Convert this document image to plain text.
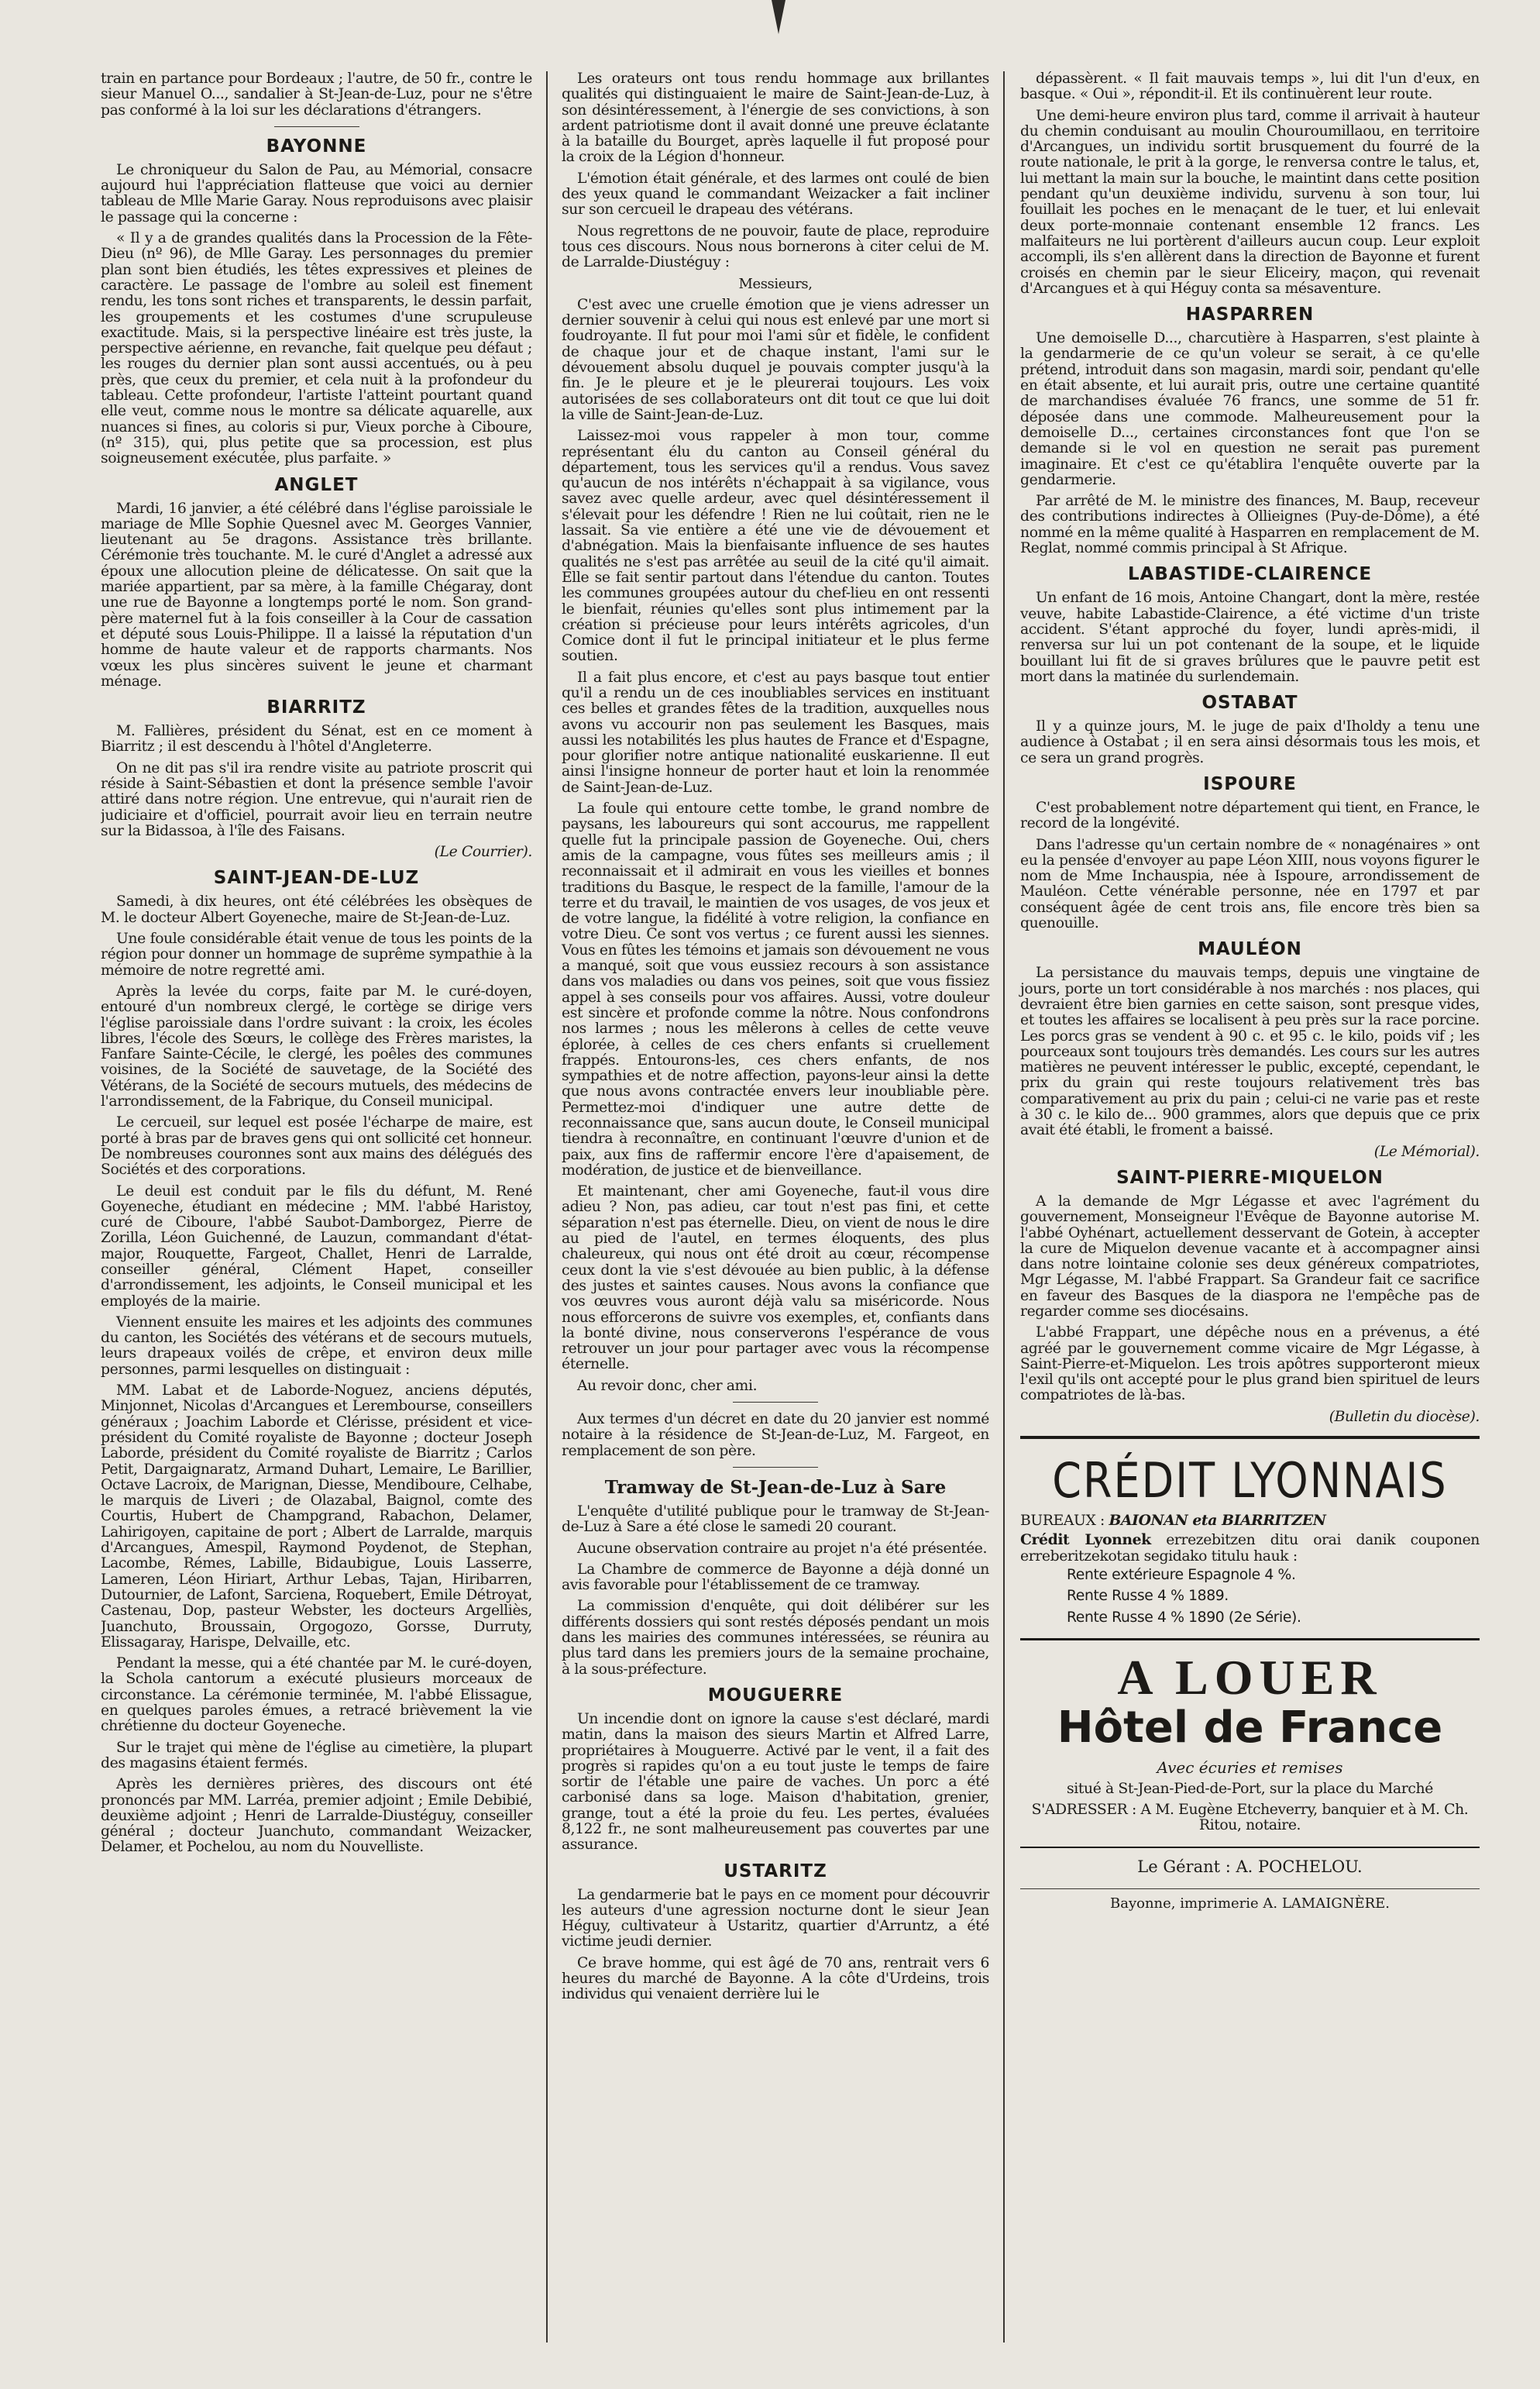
train en partance pour Bordeaux ; l'autre, de 50 fr., contre le sieur Manuel O..., sandalier à St-Jean-de-Luz, pour ne s'être pas conformé à la loi sur les déclarations d'étrangers.

BAYONNE

Le chroniqueur du Salon de Pau, au Mémorial, consacre aujourd hui l'appréciation flatteuse que voici au dernier tableau de Mlle Marie Garay. Nous reproduisons avec plaisir le passage qui la concerne :

« Il y a de grandes qualités dans la Procession de la Fête-Dieu (nº 96), de Mlle Garay. Les personnages du premier plan sont bien étudiés, les têtes expressives et pleines de caractère. Le passage de l'ombre au soleil est finement rendu, les tons sont riches et transparents, le dessin parfait, les groupements et les costumes d'une scrupuleuse exactitude. Mais, si la perspective linéaire est très juste, la perspective aérienne, en revanche, fait quelque peu défaut ; les rouges du dernier plan sont aussi accentués, ou à peu près, que ceux du premier, et cela nuit à la profondeur du tableau. Cette profondeur, l'artiste l'atteint pourtant quand elle veut, comme nous le montre sa délicate aquarelle, aux nuances si fines, au coloris si pur, Vieux porche à Ciboure, (nº 315), qui, plus petite que sa procession, est plus soigneusement exécutée, plus parfaite. »

ANGLET

Mardi, 16 janvier, a été célébré dans l'église paroissiale le mariage de Mlle Sophie Quesnel avec M. Georges Vannier, lieutenant au 5e dragons. Assistance très brillante. Cérémonie très touchante. M. le curé d'Anglet a adressé aux époux une allocution pleine de délicatesse. On sait que la mariée appartient, par sa mère, à la famille Chégaray, dont une rue de Bayonne a longtemps porté le nom. Son grand-père maternel fut à la fois conseiller à la Cour de cassation et député sous Louis-Philippe. Il a laissé la réputation d'un homme de haute valeur et de rapports charmants. Nos vœux les plus sincères suivent le jeune et charmant ménage.

BIARRITZ

M. Fallières, président du Sénat, est en ce moment à Biarritz ; il est descendu à l'hôtel d'Angleterre.

On ne dit pas s'il ira rendre visite au patriote proscrit qui réside à Saint-Sébastien et dont la présence semble l'avoir attiré dans notre région. Une entrevue, qui n'aurait rien de judiciaire et d'officiel, pourrait avoir lieu en terrain neutre sur la Bidassoa, à l'île des Faisans.

(Le Courrier).

SAINT-JEAN-DE-LUZ

Samedi, à dix heures, ont été célébrées les obsèques de M. le docteur Albert Goyeneche, maire de St-Jean-de-Luz.

Une foule considérable était venue de tous les points de la région pour donner un hommage de suprême sympathie à la mémoire de notre regretté ami.

Après la levée du corps, faite par M. le curé-doyen, entouré d'un nombreux clergé, le cortège se dirige vers l'église paroissiale dans l'ordre suivant : la croix, les écoles libres, l'école des Sœurs, le collège des Frères maristes, la Fanfare Sainte-Cécile, le clergé, les poêles des communes voisines, de la Société de sauvetage, de la Société des Vétérans, de la Société de secours mutuels, des médecins de l'arrondissement, de la Fabrique, du Conseil municipal.

Le cercueil, sur lequel est posée l'écharpe de maire, est porté à bras par de braves gens qui ont sollicité cet honneur. De nombreuses couronnes sont aux mains des délégués des Sociétés et des corporations.

Le deuil est conduit par le fils du défunt, M. René Goyeneche, étudiant en médecine ; MM. l'abbé Haristoy, curé de Ciboure, l'abbé Saubot-Damborgez, Pierre de Zorilla, Léon Guichenné, de Lauzun, commandant d'état-major, Rouquette, Fargeot, Challet, Henri de Larralde, conseiller général, Clément Hapet, conseiller d'arrondissement, les adjoints, le Conseil municipal et les employés de la mairie.

Viennent ensuite les maires et les adjoints des communes du canton, les Sociétés des vétérans et de secours mutuels, leurs drapeaux voilés de crêpe, et environ deux mille personnes, parmi lesquelles on distinguait :

MM. Labat et de Laborde-Noguez, anciens députés, Minjonnet, Nicolas d'Arcangues et Lerembourse, conseillers généraux ; Joachim Laborde et Clérisse, président et vice-président du Comité royaliste de Bayonne ; docteur Joseph Laborde, président du Comité royaliste de Biarritz ; Carlos Petit, Dargaignaratz, Armand Duhart, Lemaire, Le Barillier, Octave Lacroix, de Marignan, Diesse, Mendiboure, Celhabe, le marquis de Liveri ; de Olazabal, Baignol, comte des Courtis, Hubert de Champgrand, Rabachon, Delamer, Lahirigoyen, capitaine de port ; Albert de Larralde, marquis d'Arcangues, Amespil, Raymond Poydenot, de Stephan, Lacombe, Rémes, Labille, Bidaubigue, Louis Lasserre, Lameren, Léon Hiriart, Arthur Lebas, Tajan, Hiribarren, Dutournier, de Lafont, Sarciena, Roquebert, Emile Détroyat, Castenau, Dop, pasteur Webster, les docteurs Argelliès, Juanchuto, Broussain, Orgogozo, Gorsse, Durruty, Elissagaray, Harispe, Delvaille, etc.

Pendant la messe, qui a été chantée par M. le curé-doyen, la Schola cantorum a exécuté plusieurs morceaux de circonstance. La cérémonie terminée, M. l'abbé Elissague, en quelques paroles émues, a retracé brièvement la vie chrétienne du docteur Goyeneche.

Sur le trajet qui mène de l'église au cimetière, la plupart des magasins étaient fermés.

Après les dernières prières, des discours ont été prononcés par MM. Larréa, premier adjoint ; Emile Debibié, deuxième adjoint ; Henri de Larralde-Diustéguy, conseiller général ; docteur Juanchuto, commandant Weizacker, Delamer, et Pochelou, au nom du Nouvelliste.

Les orateurs ont tous rendu hommage aux brillantes qualités qui distinguaient le maire de Saint-Jean-de-Luz, à son désintéressement, à l'énergie de ses convictions, à son ardent patriotisme dont il avait donné une preuve éclatante à la bataille du Bourget, après laquelle il fut proposé pour la croix de la Légion d'honneur.

L'émotion était générale, et des larmes ont coulé de bien des yeux quand le commandant Weizacker a fait incliner sur son cercueil le drapeau des vétérans.

Nous regrettons de ne pouvoir, faute de place, reproduire tous ces discours. Nous nous bornerons à citer celui de M. de Larralde-Diustéguy :

Messieurs,

C'est avec une cruelle émotion que je viens adresser un dernier souvenir à celui qui nous est enlevé par une mort si foudroyante. Il fut pour moi l'ami sûr et fidèle, le confident de chaque jour et de chaque instant, l'ami sur le dévouement absolu duquel je pouvais compter jusqu'à la fin. Je le pleure et je le pleurerai toujours. Les voix autorisées de ses collaborateurs ont dit tout ce que lui doit la ville de Saint-Jean-de-Luz.

Laissez-moi vous rappeler à mon tour, comme représentant élu du canton au Conseil général du département, tous les services qu'il a rendus. Vous savez qu'aucun de nos intérêts n'échappait à sa vigilance, vous savez avec quelle ardeur, avec quel désintéressement il s'élevait pour les défendre ! Rien ne lui coûtait, rien ne le lassait. Sa vie entière a été une vie de dévouement et d'abnégation. Mais la bienfaisante influence de ses hautes qualités ne s'est pas arrêtée au seuil de la cité qu'il aimait. Elle se fait sentir partout dans l'étendue du canton. Toutes les communes groupées autour du chef-lieu en ont ressenti le bienfait, réunies qu'elles sont plus intimement par la création si précieuse pour leurs intérêts agricoles, d'un Comice dont il fut le principal initiateur et le plus ferme soutien.

Il a fait plus encore, et c'est au pays basque tout entier qu'il a rendu un de ces inoubliables services en instituant ces belles et grandes fêtes de la tradition, auxquelles nous avons vu accourir non pas seulement les Basques, mais aussi les notabilités les plus hautes de France et d'Espagne, pour glorifier notre antique nationalité euskarienne. Il eut ainsi l'insigne honneur de porter haut et loin la renommée de Saint-Jean-de-Luz.

La foule qui entoure cette tombe, le grand nombre de paysans, les laboureurs qui sont accourus, me rappellent quelle fut la principale passion de Goyeneche. Oui, chers amis de la campagne, vous fûtes ses meilleurs amis ; il reconnaissait et il admirait en vous les vieilles et bonnes traditions du Basque, le respect de la famille, l'amour de la terre et du travail, le maintien de vos usages, de vos jeux et de votre langue, la fidélité à votre religion, la confiance en votre Dieu. Ce sont vos vertus ; ce furent aussi les siennes. Vous en fûtes les témoins et jamais son dévouement ne vous a manqué, soit que vous eussiez recours à son assistance dans vos maladies ou dans vos peines, soit que vous fissiez appel à ses conseils pour vos affaires. Aussi, votre douleur est sincère et profonde comme la nôtre. Nous confondrons nos larmes ; nous les mêlerons à celles de cette veuve éplorée, à celles de ces chers enfants si cruellement frappés. Entourons-les, ces chers enfants, de nos sympathies et de notre affection, payons-leur ainsi la dette que nous avons contractée envers leur inoubliable père. Permettez-moi d'indiquer une autre dette de reconnaissance que, sans aucun doute, le Conseil municipal tiendra à reconnaître, en continuant l'œuvre d'union et de paix, aux fins de raffermir encore l'ère d'apaisement, de modération, de justice et de bienveillance.

Et maintenant, cher ami Goyeneche, faut-il vous dire adieu ? Non, pas adieu, car tout n'est pas fini, et cette séparation n'est pas éternelle. Dieu, on vient de nous le dire au pied de l'autel, en termes éloquents, des plus chaleureux, qui nous ont été droit au cœur, récompense ceux dont la vie s'est dévouée au bien public, à la défense des justes et saintes causes. Nous avons la confiance que vos œuvres vous auront déjà valu sa miséricorde. Nous nous efforcerons de suivre vos exemples, et, confiants dans la bonté divine, nous conserverons l'espérance de vous retrouver un jour pour partager avec vous la récompense éternelle.

Au revoir donc, cher ami.

Aux termes d'un décret en date du 20 janvier est nommé notaire à la résidence de St-Jean-de-Luz, M. Fargeot, en remplacement de son père.

Tramway de St-Jean-de-Luz à Sare

L'enquête d'utilité publique pour le tramway de St-Jean-de-Luz à Sare a été close le samedi 20 courant.

Aucune observation contraire au projet n'a été présentée.

La Chambre de commerce de Bayonne a déjà donné un avis favorable pour l'établissement de ce tramway.

La commission d'enquête, qui doit délibérer sur les différents dossiers qui sont restés déposés pendant un mois dans les mairies des communes intéressées, se réunira au plus tard dans les premiers jours de la semaine prochaine, à la sous-préfecture.

MOUGUERRE

Un incendie dont on ignore la cause s'est déclaré, mardi matin, dans la maison des sieurs Martin et Alfred Larre, propriétaires à Mouguerre. Activé par le vent, il a fait des progrès si rapides qu'on a eu tout juste le temps de faire sortir de l'étable une paire de vaches. Un porc a été carbonisé dans sa loge. Maison d'habitation, grenier, grange, tout a été la proie du feu. Les pertes, évaluées 8,122 fr., ne sont malheureusement pas couvertes par une assurance.

USTARITZ

La gendarmerie bat le pays en ce moment pour découvrir les auteurs d'une agression nocturne dont le sieur Jean Héguy, cultivateur à Ustaritz, quartier d'Arruntz, a été victime jeudi dernier.

Ce brave homme, qui est âgé de 70 ans, rentrait vers 6 heures du marché de Bayonne. A la côte d'Urdeins, trois individus qui venaient derrière lui le

dépassèrent. « Il fait mauvais temps », lui dit l'un d'eux, en basque. « Oui », répondit-il. Et ils continuèrent leur route.

Une demi-heure environ plus tard, comme il arrivait à hauteur du chemin conduisant au moulin Chouroumillaou, en territoire d'Arcangues, un individu sortit brusquement du fourré de la route nationale, le prit à la gorge, le renversa contre le talus, et, lui mettant la main sur la bouche, le maintint dans cette position pendant qu'un deuxième individu, survenu à son tour, lui fouillait les poches en le menaçant de le tuer, et lui enlevait deux porte-monnaie contenant ensemble 12 francs. Les malfaiteurs ne lui portèrent d'ailleurs aucun coup. Leur exploit accompli, ils s'en allèrent dans la direction de Bayonne et furent croisés en chemin par le sieur Eliceiry, maçon, qui revenait d'Arcangues et à qui Héguy conta sa mésaventure.

HASPARREN

Une demoiselle D..., charcutière à Hasparren, s'est plainte à la gendarmerie de ce qu'un voleur se serait, à ce qu'elle prétend, introduit dans son magasin, mardi soir, pendant qu'elle en était absente, et lui aurait pris, outre une certaine quantité de marchandises évaluée 76 francs, une somme de 51 fr. déposée dans une commode. Malheureusement pour la demoiselle D..., certaines circonstances font que l'on se demande si le vol en question ne serait pas purement imaginaire. Et c'est ce qu'établira l'enquête ouverte par la gendarmerie.

Par arrêté de M. le ministre des finances, M. Baup, receveur des contributions indirectes à Ollieignes (Puy-de-Dôme), a été nommé en la même qualité à Hasparren en remplacement de M. Reglat, nommé commis principal à St Afrique.

LABASTIDE-CLAIRENCE

Un enfant de 16 mois, Antoine Changart, dont la mère, restée veuve, habite Labastide-Clairence, a été victime d'un triste accident. S'étant approché du foyer, lundi après-midi, il renversa sur lui un pot contenant de la soupe, et le liquide bouillant lui fit de si graves brûlures que le pauvre petit est mort dans la matinée du surlendemain.

OSTABAT

Il y a quinze jours, M. le juge de paix d'Iholdy a tenu une audience à Ostabat ; il en sera ainsi désormais tous les mois, et ce sera un grand progrès.

ISPOURE

C'est probablement notre département qui tient, en France, le record de la longévité.

Dans l'adresse qu'un certain nombre de « nonagénaires » ont eu la pensée d'envoyer au pape Léon XIII, nous voyons figurer le nom de Mme Inchauspia, née à Ispoure, arrondissement de Mauléon. Cette vénérable personne, née en 1797 et par conséquent âgée de cent trois ans, file encore très bien sa quenouille.

MAULÉON

La persistance du mauvais temps, depuis une vingtaine de jours, porte un tort considérable à nos marchés : nos places, qui devraient être bien garnies en cette saison, sont presque vides, et toutes les affaires se localisent à peu près sur la race porcine. Les porcs gras se vendent à 90 c. et 95 c. le kilo, poids vif ; les pourceaux sont toujours très demandés. Les cours sur les autres matières ne peuvent intéresser le public, excepté, cependant, le prix du grain qui reste toujours relativement très bas comparativement au prix du pain ; celui-ci ne varie pas et reste à 30 c. le kilo de... 900 grammes, alors que depuis que ce prix avait été établi, le froment a baissé.

(Le Mémorial).

SAINT-PIERRE-MIQUELON

A la demande de Mgr Légasse et avec l'agrément du gouvernement, Monseigneur l'Evêque de Bayonne autorise M. l'abbé Oyhénart, actuellement desservant de Gotein, à accepter la cure de Miquelon devenue vacante et à accompagner ainsi dans notre lointaine colonie ses deux généreux compatriotes, Mgr Légasse, M. l'abbé Frappart. Sa Grandeur fait ce sacrifice en faveur des Basques de la diaspora ne l'empêche pas de regarder comme ses diocésains.

L'abbé Frappart, une dépêche nous en a prévenus, a été agréé par le gouvernement comme vicaire de Mgr Légasse, à Saint-Pierre-et-Miquelon. Les trois apôtres supporteront mieux l'exil qu'ils ont accepté pour le plus grand bien spirituel de leurs compatriotes de là-bas.

(Bulletin du diocèse).

CRÉDIT LYONNAIS

BUREAUX : BAIONAN eta BIARRITZEN

Crédit Lyonnek errezebitzen ditu orai danik couponen erreberitzekotan segidako titulu hauk :

Rente extérieure Espagnole 4 %.

Rente Russe 4 % 1889.

Rente Russe 4 % 1890 (2e Série).

A LOUER
Hôtel de France
Avec écuries et remises

situé à St-Jean-Pied-de-Port, sur la place du Marché

S'ADRESSER : A M. Eugène Etcheverry, banquier et à M. Ch. Ritou, notaire.

Le Gérant : A. POCHELOU.
Bayonne, imprimerie A. LAMAIGNÈRE.
